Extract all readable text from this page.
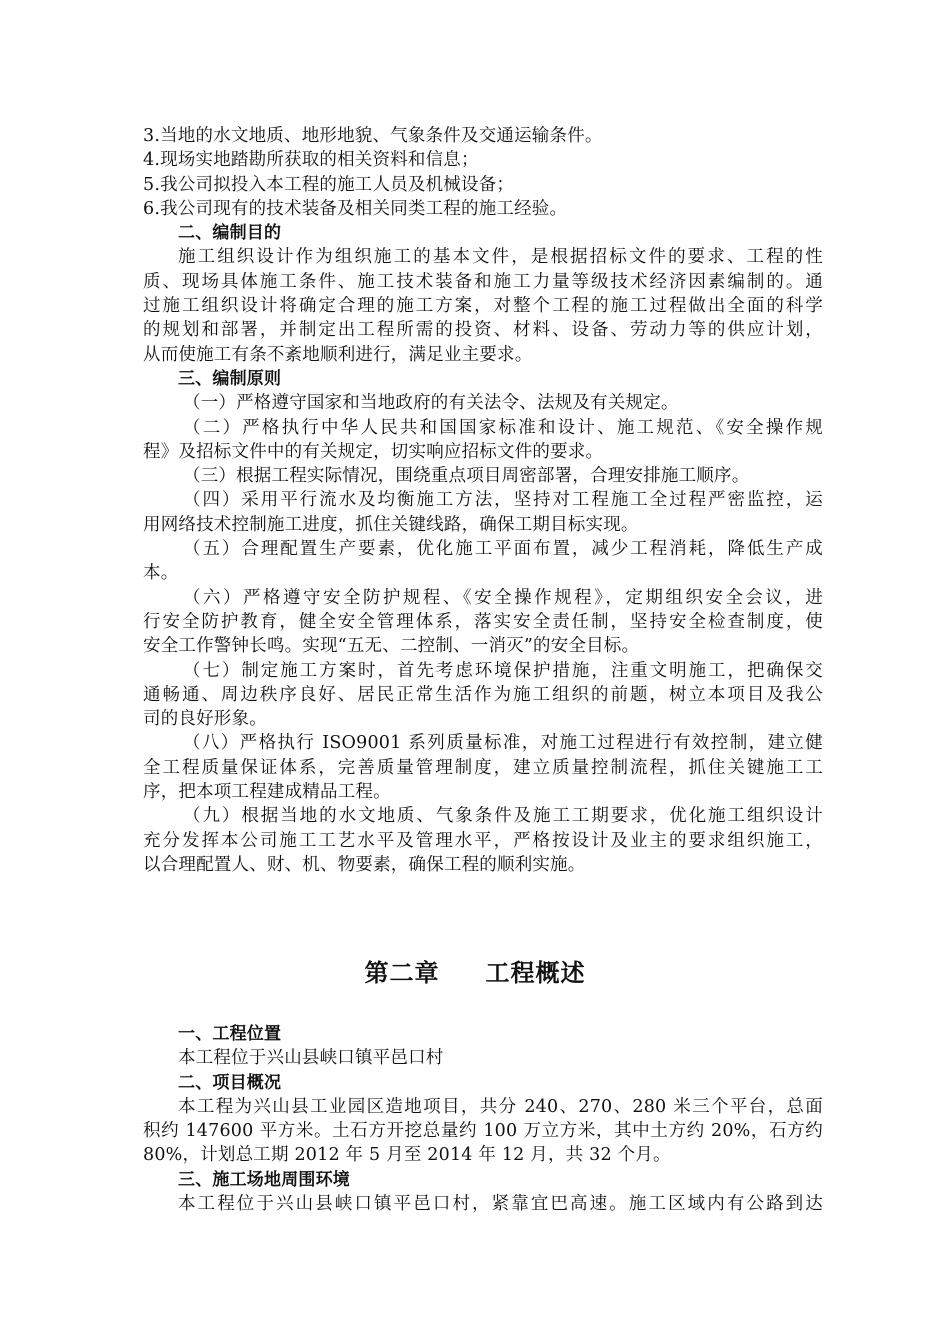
3.当地的水文地质、地形地貌、气象条件及交通运输条件。
4.现场实地踏勘所获取的相关资料和信息；
5.我公司拟投入本工程的施工人员及机械设备；
6.我公司现有的技术装备及相关同类工程的施工经验。
二、编制目的
施工组织设计作为组织施工的基本文件，是根据招标文件的要求、工程的性
质、现场具体施工条件、施工技术装备和施工力量等级技术经济因素编制的。通
过施工组织设计将确定合理的施工方案，对整个工程的施工过程做出全面的科学
的规划和部署，并制定出工程所需的投资、材料、设备、劳动力等的供应计划，
从而使施工有条不紊地顺利进行，满足业主要求。
三、编制原则
（一）严格遵守国家和当地政府的有关法令、法规及有关规定。
（二）严格执行中华人民共和国国家标准和设计、施工规范、《安全操作规
程》及招标文件中的有关规定，切实响应招标文件的要求。
（三）根据工程实际情况，围绕重点项目周密部署，合理安排施工顺序。
（四）采用平行流水及均衡施工方法，坚持对工程施工全过程严密监控，运
用网络技术控制施工进度，抓住关键线路，确保工期目标实现。
（五）合理配置生产要素，优化施工平面布置，减少工程消耗，降低生产成
本。
（六）严格遵守安全防护规程、《安全操作规程》，定期组织安全会议，进
行安全防护教育，健全安全管理体系，落实安全责任制，坚持安全检查制度，使
安全工作警钟长鸣。实现“五无、二控制、一消灭”的安全目标。
（七）制定施工方案时，首先考虑环境保护措施，注重文明施工，把确保交
通畅通、周边秩序良好、居民正常生活作为施工组织的前题，树立本项目及我公
司的良好形象。
（八）严格执行 ISO9001 系列质量标准，对施工过程进行有效控制，建立健
全工程质量保证体系，完善质量管理制度，建立质量控制流程，抓住关键施工工
序，把本项工程建成精品工程。
（九）根据当地的水文地质、气象条件及施工工期要求，优化施工组织设计
充分发挥本公司施工工艺水平及管理水平，严格按设计及业主的要求组织施工，
以合理配置人、财、机、物要素，确保工程的顺利实施。
第二章 工程概述
一、工程位置
本工程位于兴山县峡口镇平邑口村
二、项目概况
本工程为兴山县工业园区造地项目，共分 240、270、280 米三个平台，总面
积约 147600 平方米。土石方开挖总量约 100 万立方米，其中土方约 20%，石方约
80%，计划总工期 2012 年 5 月至 2014 年 12 月，共 32 个月。
三、施工场地周围环境
本工程位于兴山县峡口镇平邑口村，紧靠宜巴高速。施工区域内有公路到达
